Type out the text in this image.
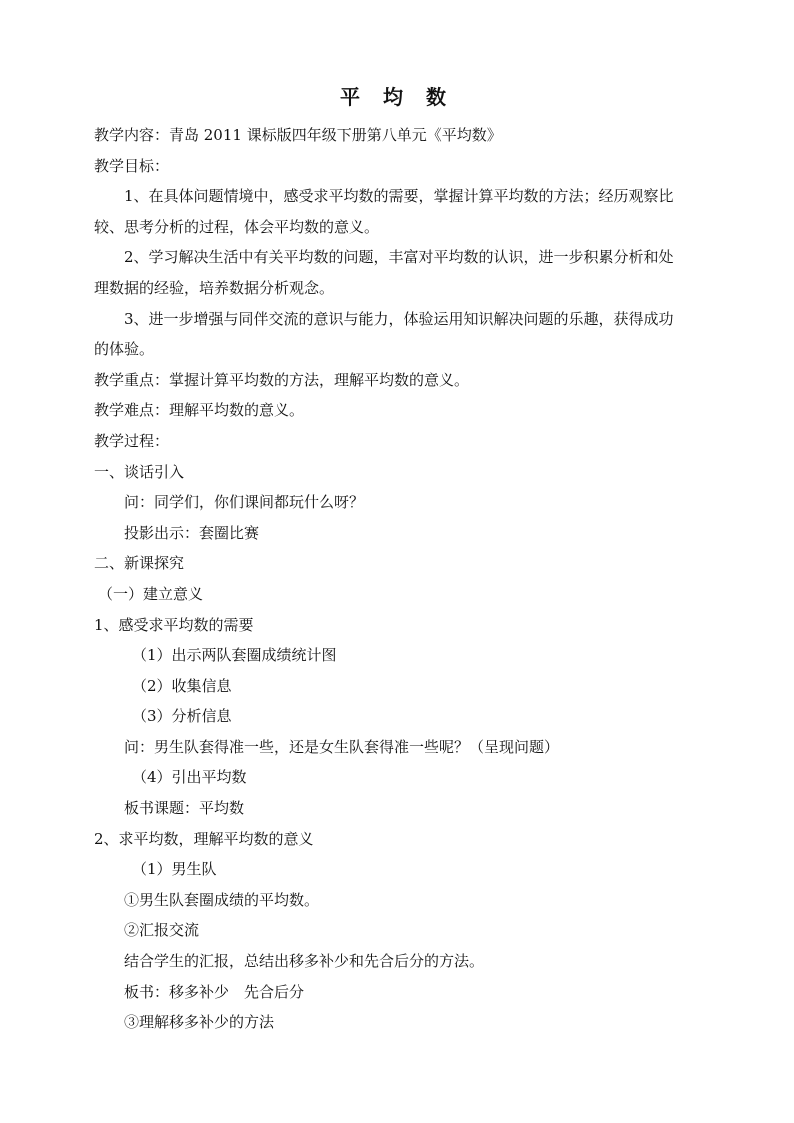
平 均 数
教学内容：青岛 2011 课标版四年级下册第八单元《平均数》
教学目标：
1、在具体问题情境中，感受求平均数的需要，掌握计算平均数的方法；经历观察比
较、思考分析的过程，体会平均数的意义。
2、学习解决生活中有关平均数的问题，丰富对平均数的认识，进一步积累分析和处
理数据的经验，培养数据分析观念。
3、进一步增强与同伴交流的意识与能力，体验运用知识解决问题的乐趣，获得成功
的体验。
教学重点：掌握计算平均数的方法，理解平均数的意义。
教学难点：理解平均数的意义。
教学过程：
一、谈话引入
问：同学们，你们课间都玩什么呀？
投影出示：套圈比赛
二、新课探究
（一）建立意义
1、感受求平均数的需要
（1）出示两队套圈成绩统计图
（2）收集信息
（3）分析信息
问：男生队套得准一些，还是女生队套得准一些呢？（呈现问题）
（4）引出平均数
板书课题：平均数
2、求平均数，理解平均数的意义
（1）男生队
①男生队套圈成绩的平均数。
②汇报交流
结合学生的汇报，总结出移多补少和先合后分的方法。
板书：移多补少　先合后分
③理解移多补少的方法
